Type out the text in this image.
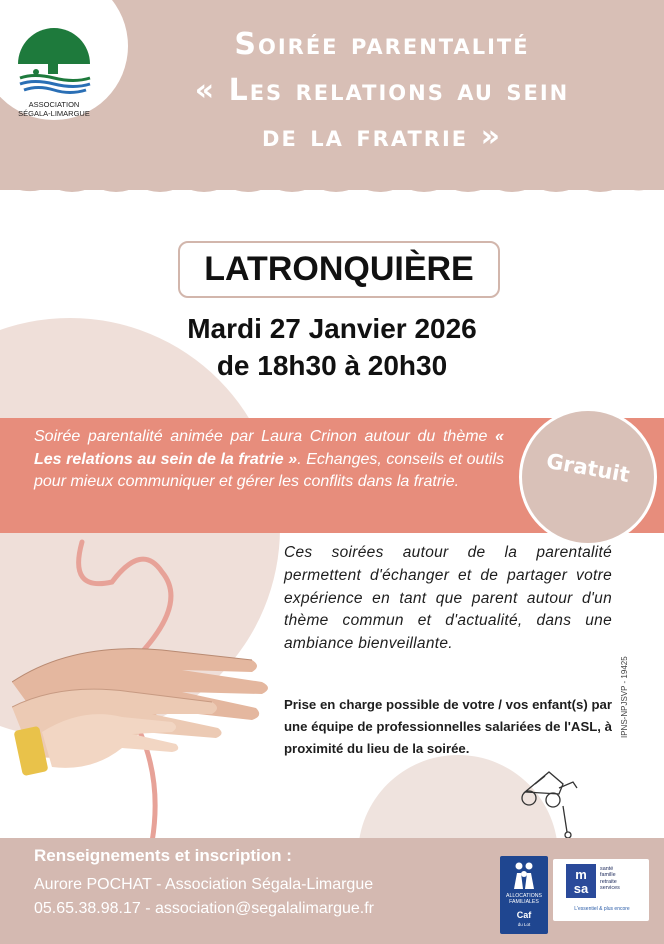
ASSOCIATION
SÉGALA-LIMARGUE
Soirée parentalité
« Les relations au sein
de la fratrie »
LATRONQUIÈRE
Mardi 27 Janvier 2026
de 18h30 à 20h30
Soirée parentalité animée par Laura Crinon autour du thème « Les relations au sein de la fratrie ». Echanges, conseils et outils pour mieux communiquer et gérer les conflits dans la fratrie.	Gratuit
Ces soirées autour de la parentalité permettent d'échanger et de partager votre expérience en tant que parent autour d'un thème commun et d'actualité, dans une ambiance bienveillante.
Prise en charge possible de votre / vos enfant(s) par une équipe de professionnelles salariées de l'ASL, à proximité du lieu de la soirée.
IPNS-NPJSVP - 19425
Renseignements et inscription :
Aurore POCHAT - Association Ségala-Limargue
05.65.38.98.17 - association@segalalimargue.fr
ALLOCATIONS
FAMILIALES
Caf
du Lot
m
sa
santé
famille
retraite
services
L'essentiel & plus encore
